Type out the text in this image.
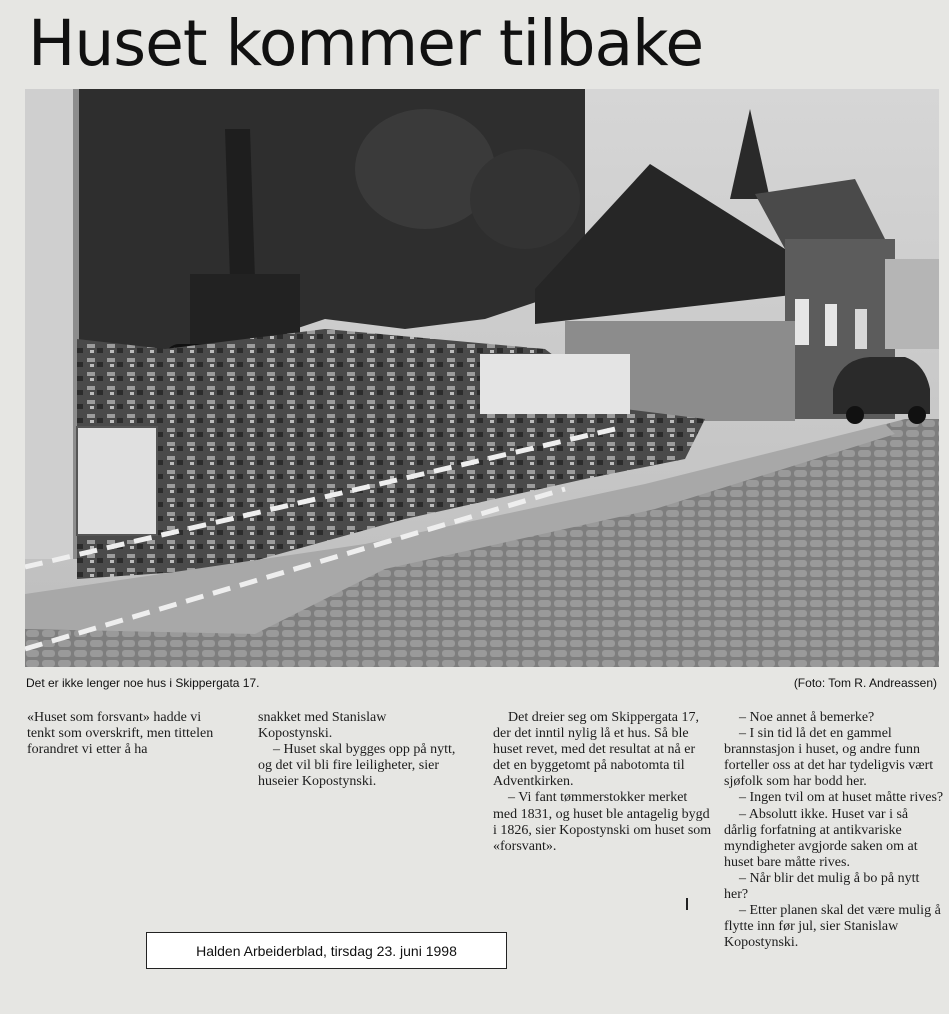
Huset kommer tilbake
Det er ikke lenger noe hus i Skippergata 17.	(Foto: Tom R. Andreassen)

«Huset som forsvant» hadde vi tenkt som overskrift, men tittelen forandret vi etter å ha

snakket med Stanislaw Kopostynski.

– Huset skal bygges opp på nytt, og det vil bli fire leiligheter, sier huseier Kopostynski.

Det dreier seg om Skippergata 17, der det inntil nylig lå et hus. Så ble huset revet, med det resultat at nå er det en byggetomt på nabotomta til Adventkirken.

– Vi fant tømmerstokker merket med 1831, og huset ble antagelig bygd i 1826, sier Kopostynski om huset som «forsvant».

– Noe annet å bemerke?

– I sin tid lå det en gammel brannstasjon i huset, og andre funn forteller oss at det har tydeligvis vært sjøfolk som har bodd her.

– Ingen tvil om at huset måtte rives?

– Absolutt ikke. Huset var i så dårlig forfatning at antikvariske myndigheter avgjorde saken om at huset bare måtte rives.

– Når blir det mulig å bo på nytt her?

– Etter planen skal det være mulig å flytte inn før jul, sier Stanislaw Kopostynski.

Halden Arbeiderblad, tirsdag 23. juni 1998
